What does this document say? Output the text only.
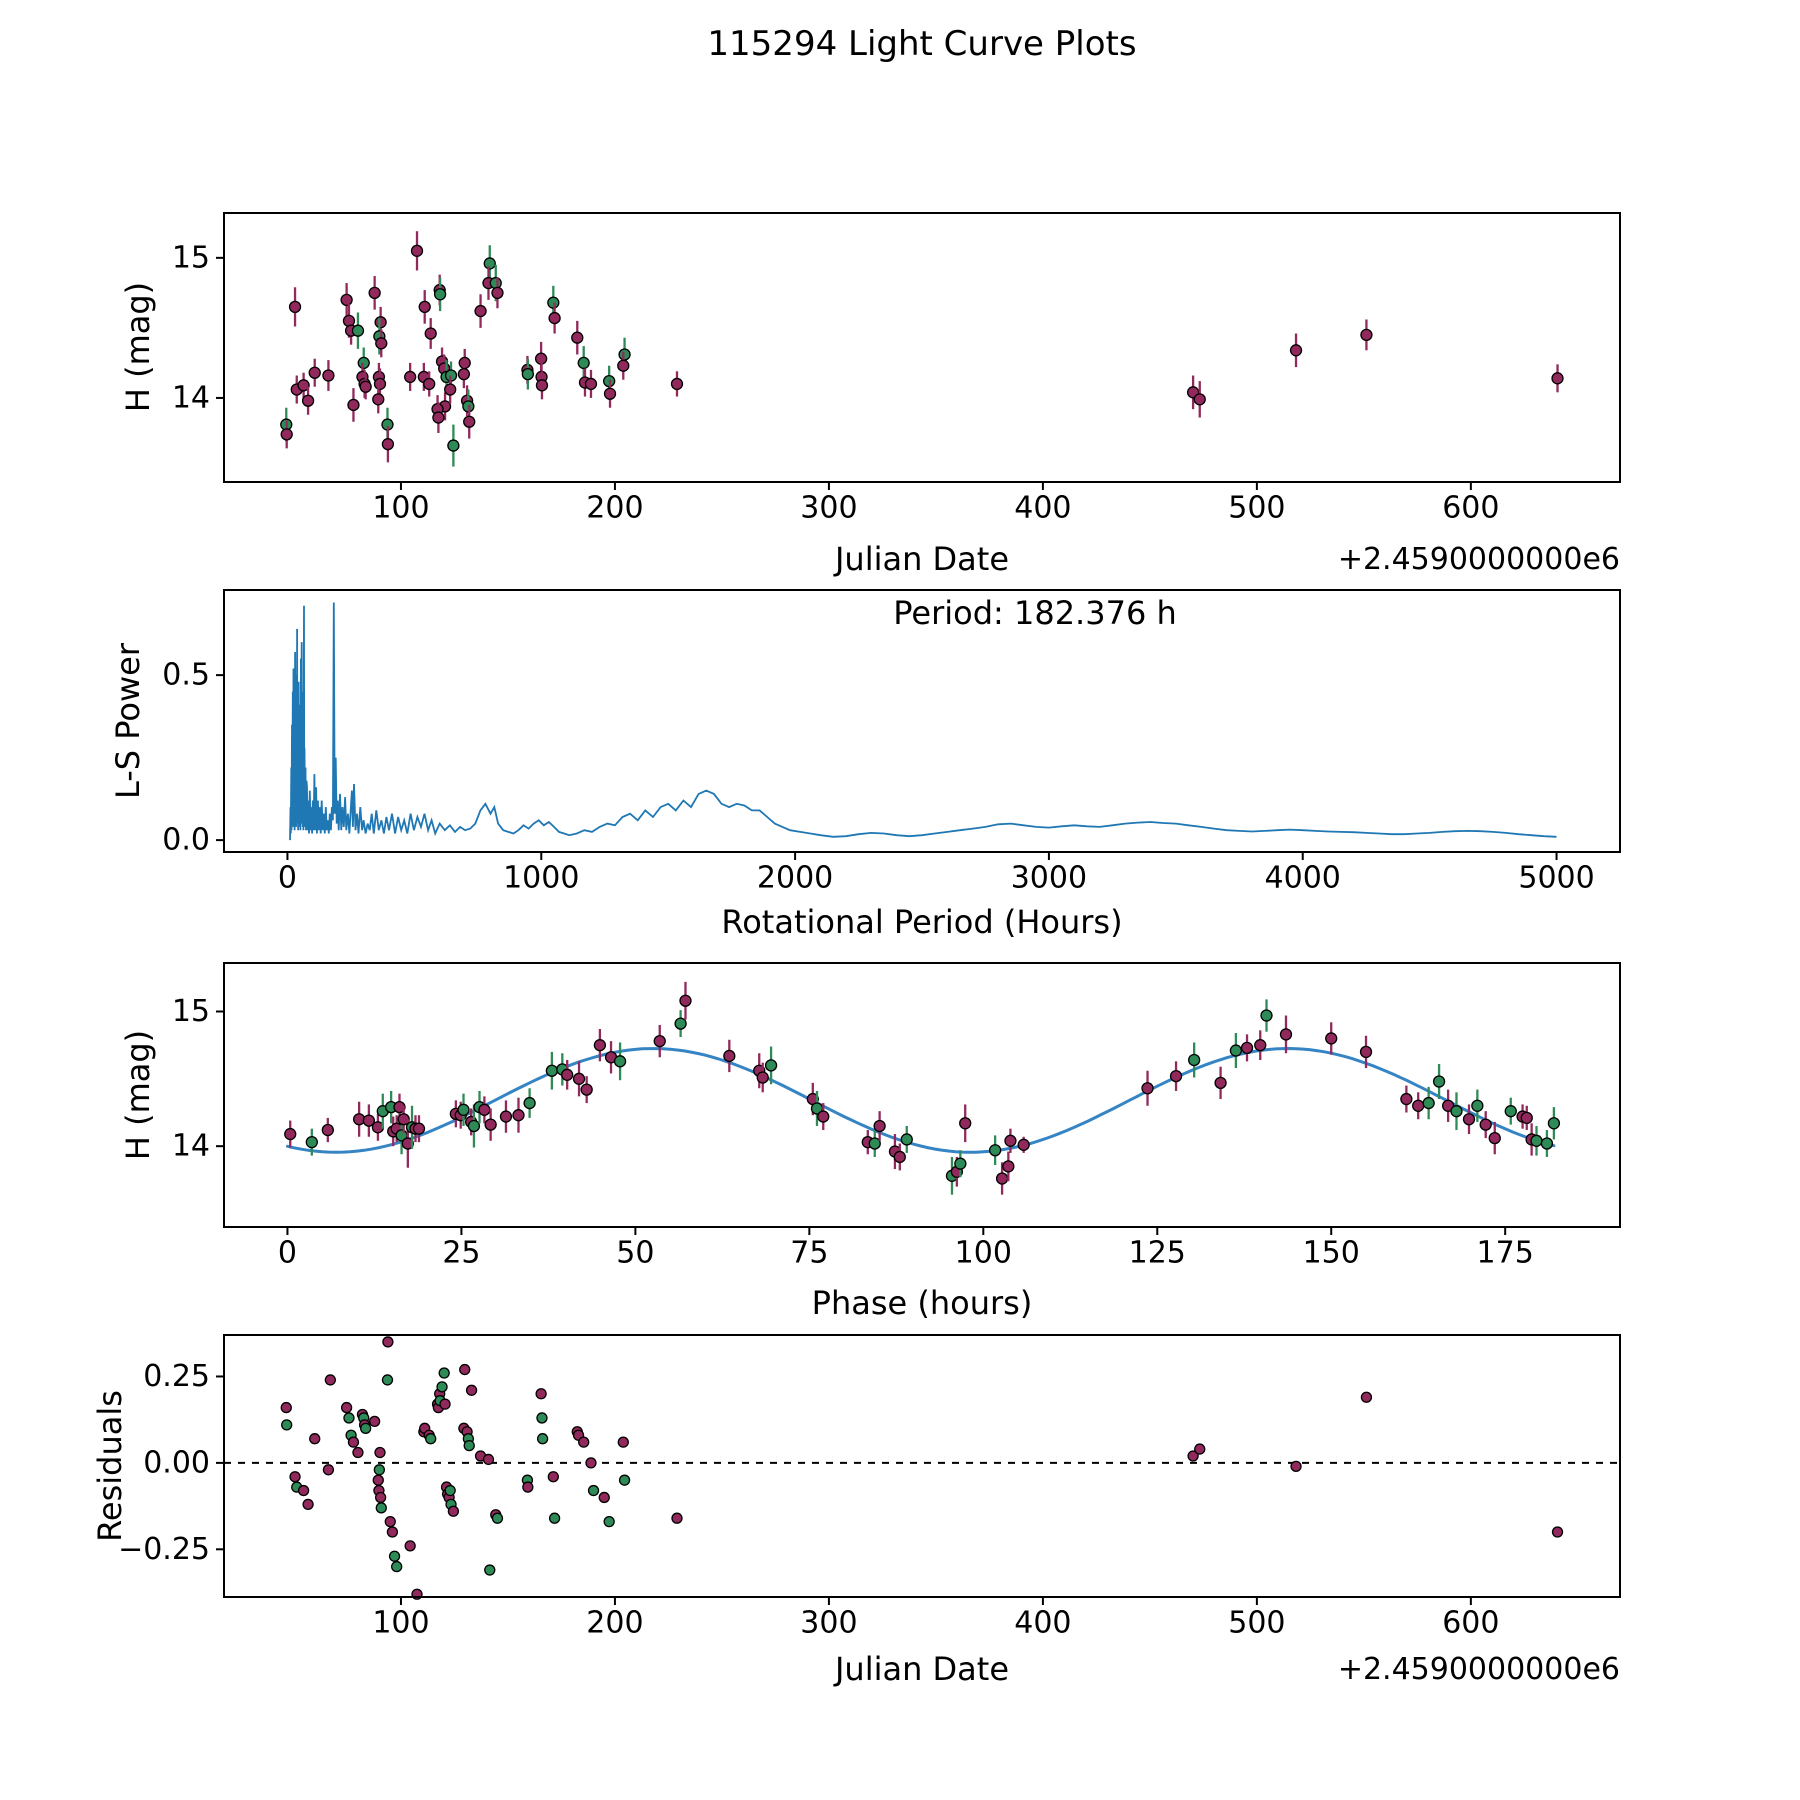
100	200	300	400	500	600
14
15
0	1000	2000	3000	4000	5000
0.0
0.5
0	25	50	75	100	125	150	175
14
15
100	200	300	400	500	600
−0.25
0.00
0.25
115294 Light Curve Plots
H (mag)
Julian Date	+2.4590000000e6
L-S Power
Period: 182.376 h
Rotational Period (Hours)
H (mag)
Phase (hours)
Residuals
Julian Date	+2.4590000000e6
